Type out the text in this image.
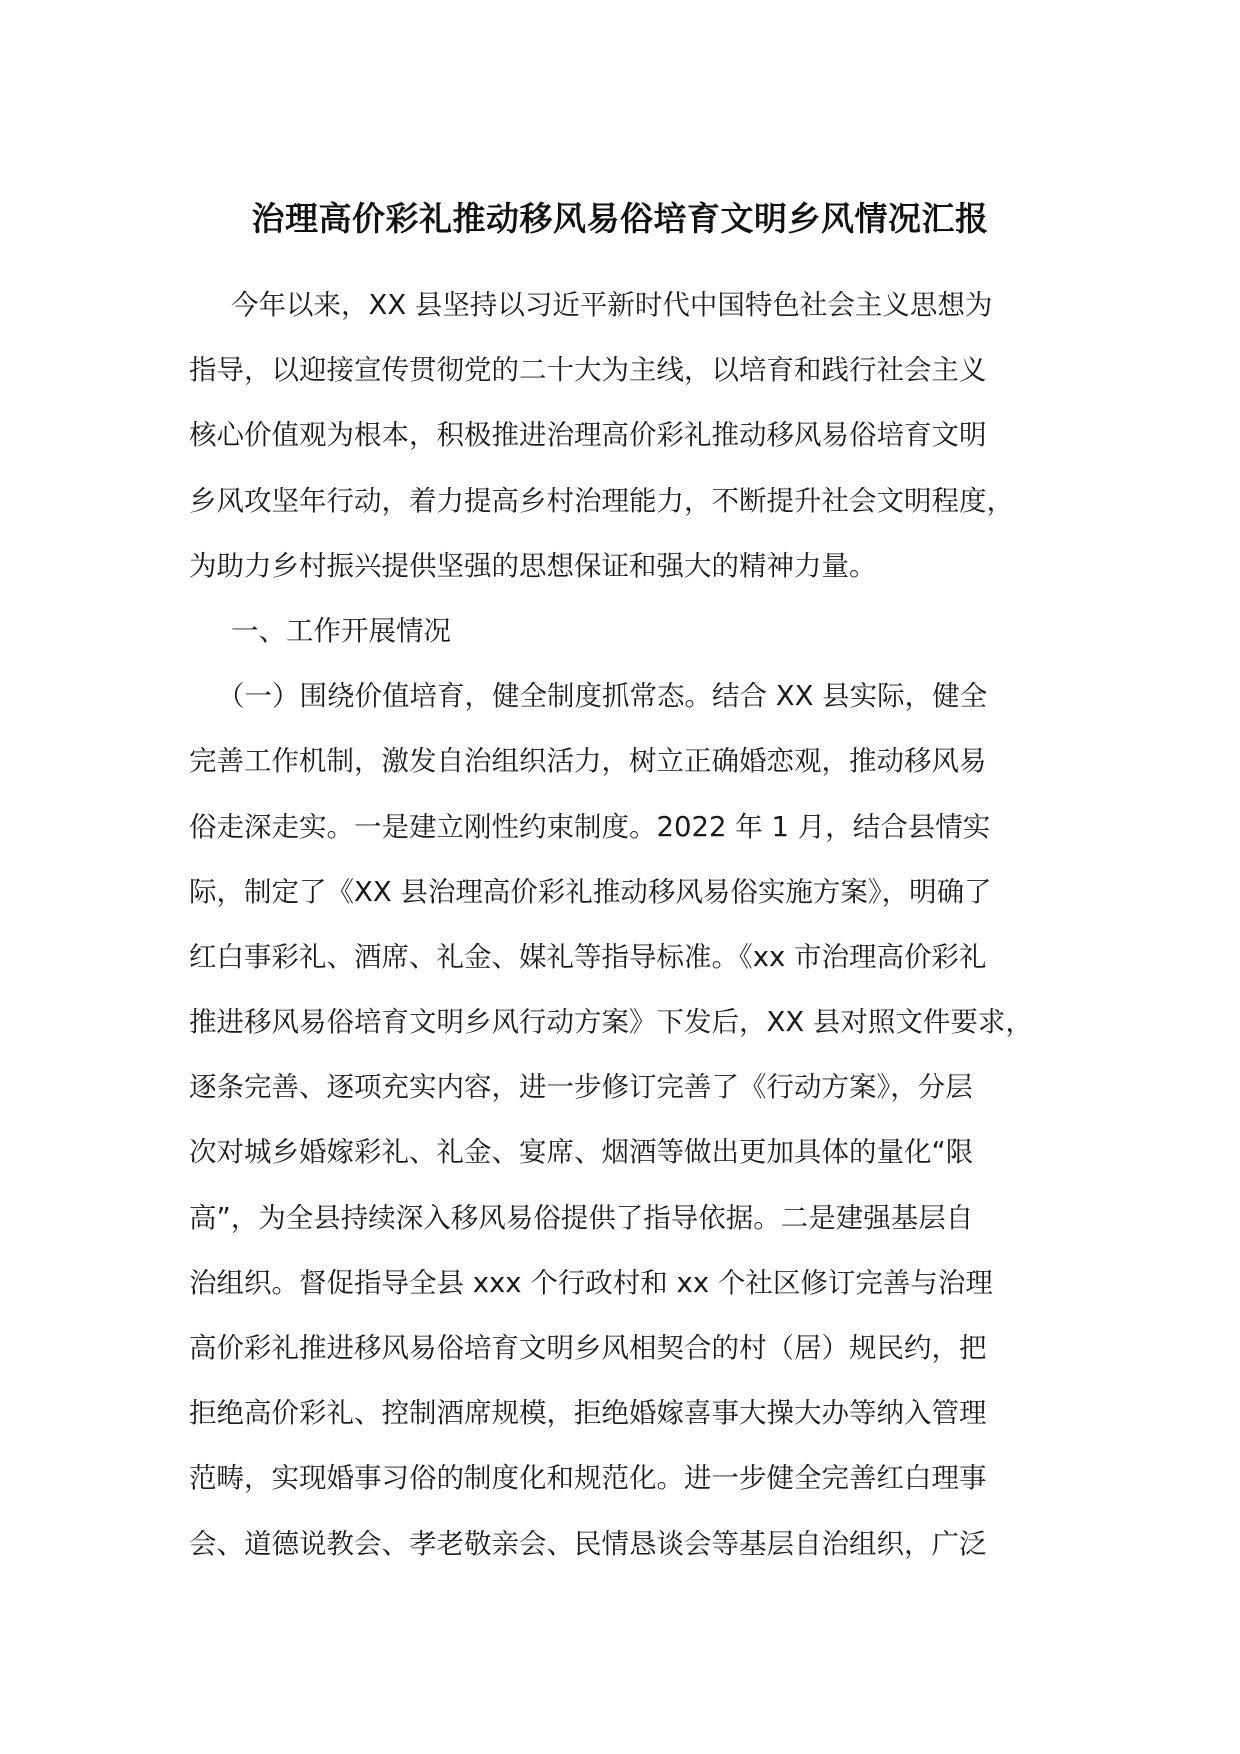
治理高价彩礼推动移风易俗培育文明乡风情况汇报
今年以来，XX 县坚持以习近平新时代中国特色社会主义思想为
指导，以迎接宣传贯彻党的二十大为主线，以培育和践行社会主义
核心价值观为根本，积极推进治理高价彩礼推动移风易俗培育文明
乡风攻坚年行动，着力提高乡村治理能力，不断提升社会文明程度，
为助力乡村振兴提供坚强的思想保证和强大的精神力量。
一、工作开展情况
（一）围绕价值培育，健全制度抓常态。结合 XX 县实际，健全
完善工作机制，激发自治组织活力，树立正确婚恋观，推动移风易
俗走深走实。一是建立刚性约束制度。2022 年 1 月，结合县情实
际，制定了《XX 县治理高价彩礼推动移风易俗实施方案》，明确了
红白事彩礼、酒席、礼金、媒礼等指导标准。《xx 市治理高价彩礼
推进移风易俗培育文明乡风行动方案》下发后，XX 县对照文件要求，
逐条完善、逐项充实内容，进一步修订完善了《行动方案》，分层
次对城乡婚嫁彩礼、礼金、宴席、烟酒等做出更加具体的量化“限
高”，为全县持续深入移风易俗提供了指导依据。二是建强基层自
治组织。督促指导全县 xxx 个行政村和 xx 个社区修订完善与治理
高价彩礼推进移风易俗培育文明乡风相契合的村（居）规民约，把
拒绝高价彩礼、控制酒席规模，拒绝婚嫁喜事大操大办等纳入管理
范畴，实现婚事习俗的制度化和规范化。进一步健全完善红白理事
会、道德说教会、孝老敬亲会、民情恳谈会等基层自治组织，广泛
